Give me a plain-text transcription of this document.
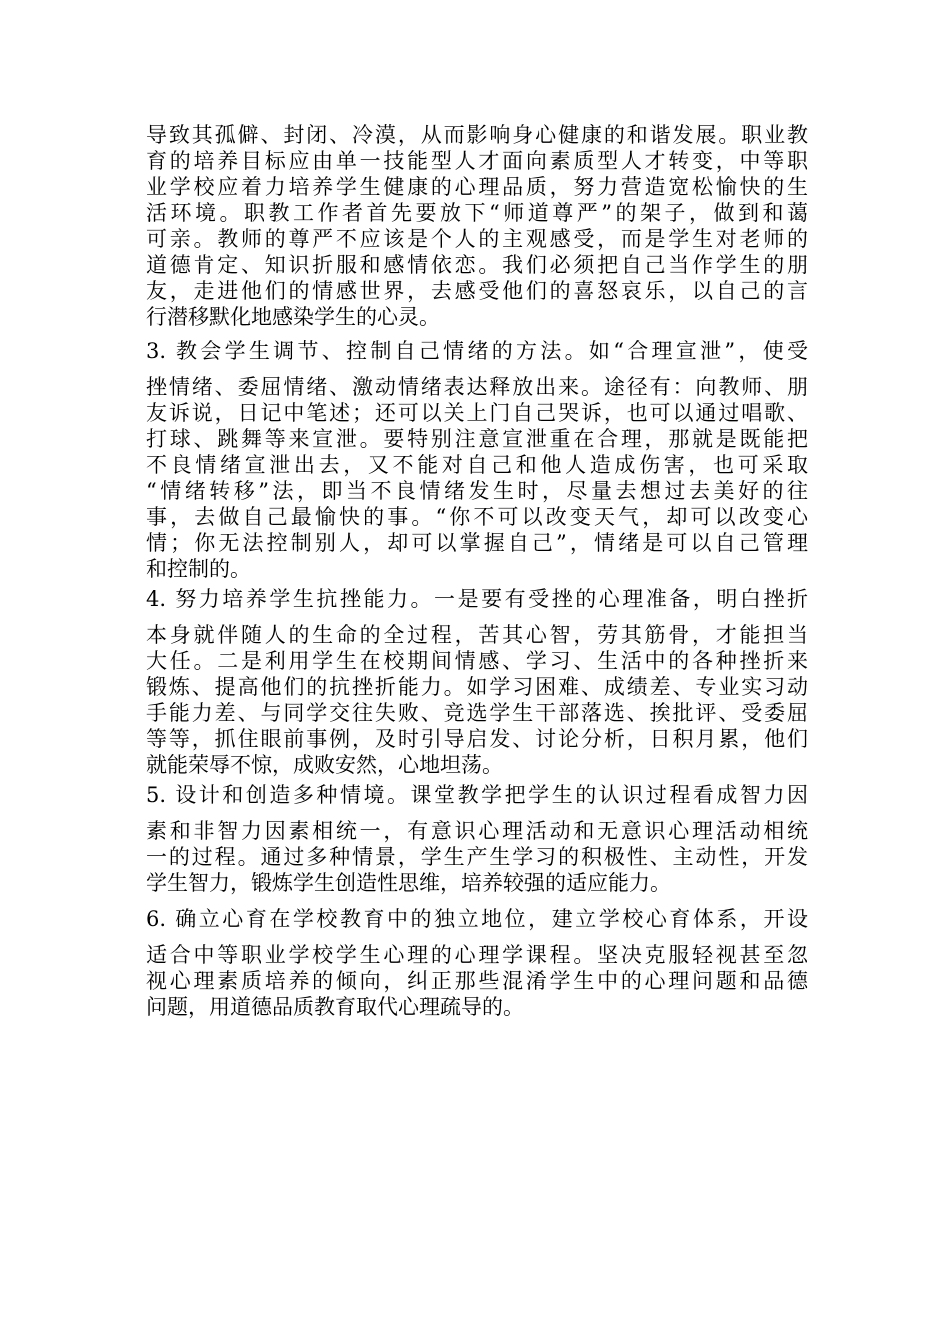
导致其孤僻、封闭、冷漠，从而影响身心健康的和谐发展。职业教
育的培养目标应由单一技能型人才面向素质型人才转变，中等职
业学校应着力培养学生健康的心理品质，努力营造宽松愉快的生
活环境。职教工作者首先要放下“师道尊严”的架子，做到和蔼
可亲。教师的尊严不应该是个人的主观感受，而是学生对老师的
道德肯定、知识折服和感情依恋。我们必须把自己当作学生的朋
友，走进他们的情感世界，去感受他们的喜怒哀乐，以自己的言
行潜移默化地感染学生的心灵。
3. 教会学生调节、控制自己情绪的方法。如“合理宣泄”，使受
挫情绪、委屈情绪、激动情绪表达释放出来。途径有：向教师、朋
友诉说，日记中笔述；还可以关上门自己哭诉，也可以通过唱歌、
打球、跳舞等来宣泄。要特别注意宣泄重在合理，那就是既能把
不良情绪宣泄出去，又不能对自己和他人造成伤害，也可采取
“情绪转移”法，即当不良情绪发生时，尽量去想过去美好的往
事，去做自己最愉快的事。“你不可以改变天气，却可以改变心
情；你无法控制别人，却可以掌握自己”，情绪是可以自己管理
和控制的。
4. 努力培养学生抗挫能力。一是要有受挫的心理准备，明白挫折
本身就伴随人的生命的全过程，苦其心智，劳其筋骨，才能担当
大任。二是利用学生在校期间情感、学习、生活中的各种挫折来
锻炼、提高他们的抗挫折能力。如学习困难、成绩差、专业实习动
手能力差、与同学交往失败、竞选学生干部落选、挨批评、受委屈
等等，抓住眼前事例，及时引导启发、讨论分析，日积月累，他们
就能荣辱不惊，成败安然，心地坦荡。
5. 设计和创造多种情境。课堂教学把学生的认识过程看成智力因
素和非智力因素相统一，有意识心理活动和无意识心理活动相统
一的过程。通过多种情景，学生产生学习的积极性、主动性，开发
学生智力，锻炼学生创造性思维，培养较强的适应能力。
6. 确立心育在学校教育中的独立地位，建立学校心育体系，开设
适合中等职业学校学生心理的心理学课程。坚决克服轻视甚至忽
视心理素质培养的倾向，纠正那些混淆学生中的心理问题和品德
问题，用道德品质教育取代心理疏导的。
